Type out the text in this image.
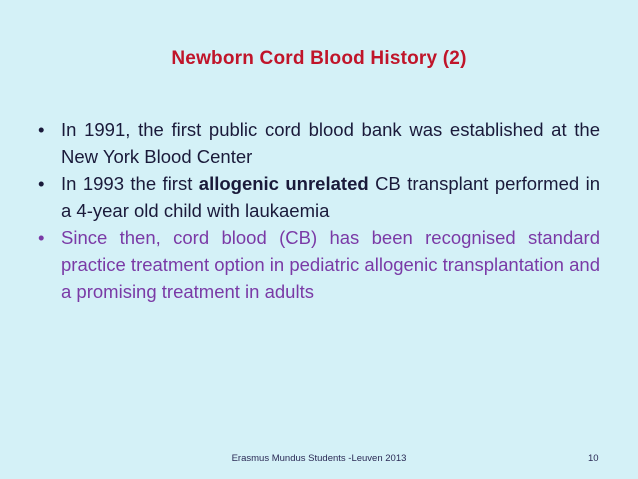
Newborn Cord Blood History (2)
• In 1991, the first public cord blood bank was established at the New York Blood Center
• In 1993 the first allogenic unrelated CB transplant performed in a 4-year old child with laukaemia
• Since then, cord blood (CB) has been recognised standard practice treatment option in pediatric allogenic transplantation and a promising treatment in adults
Erasmus Mundus Students -Leuven 2013	10
